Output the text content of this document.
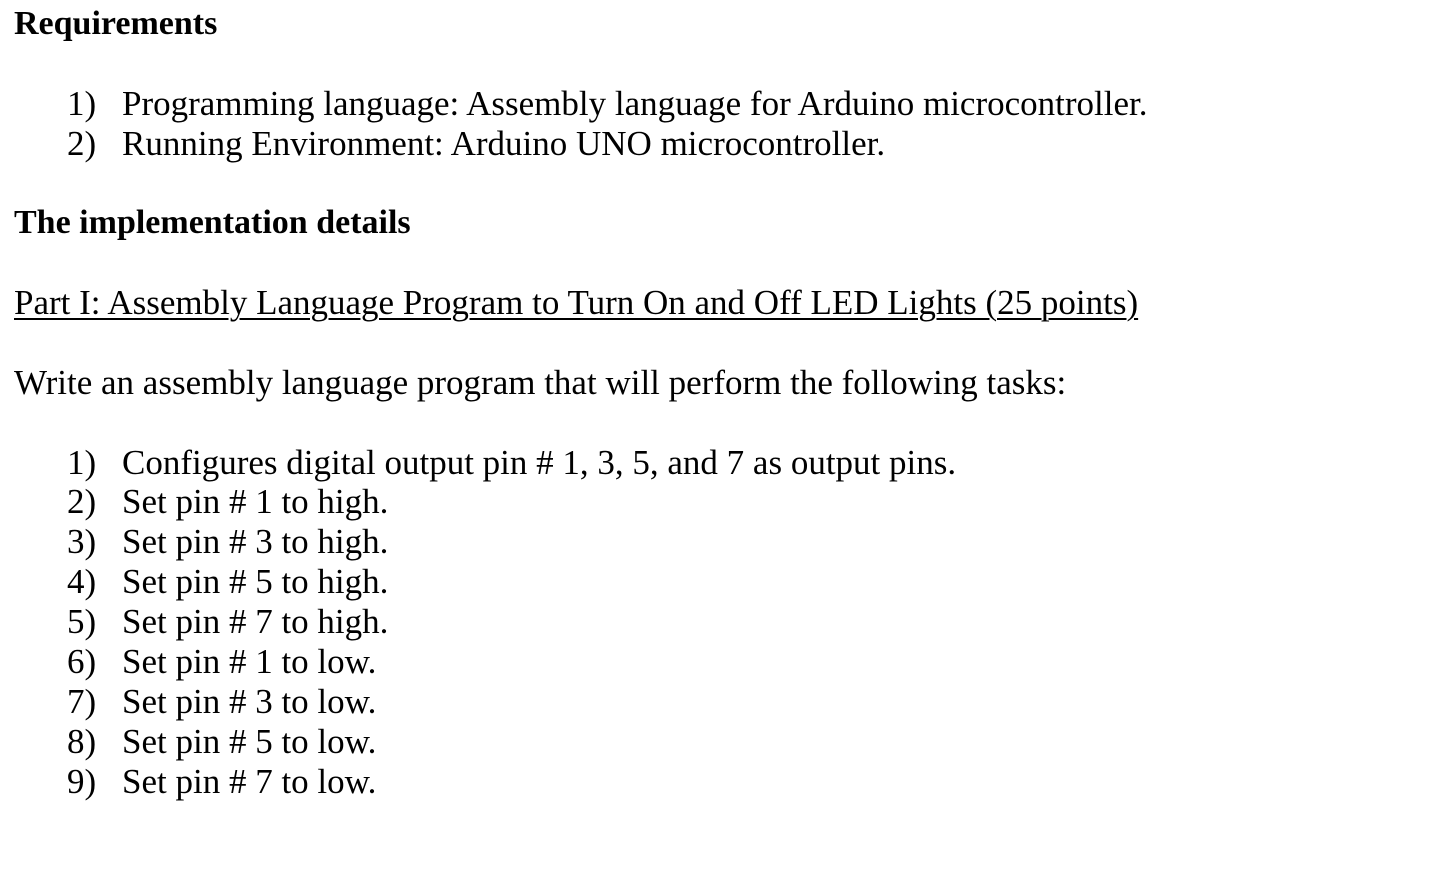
Requirements
1) Programming language: Assembly language for Arduino microcontroller.
2) Running Environment: Arduino UNO microcontroller.
The implementation details
Part I: Assembly Language Program to Turn On and Off LED Lights (25 points)
Write an assembly language program that will perform the following tasks:
1) Configures digital output pin # 1, 3, 5, and 7 as output pins.
2) Set pin # 1 to high.
3) Set pin # 3 to high.
4) Set pin # 5 to high.
5) Set pin # 7 to high.
6) Set pin # 1 to low.
7) Set pin # 3 to low.
8) Set pin # 5 to low.
9) Set pin # 7 to low.
